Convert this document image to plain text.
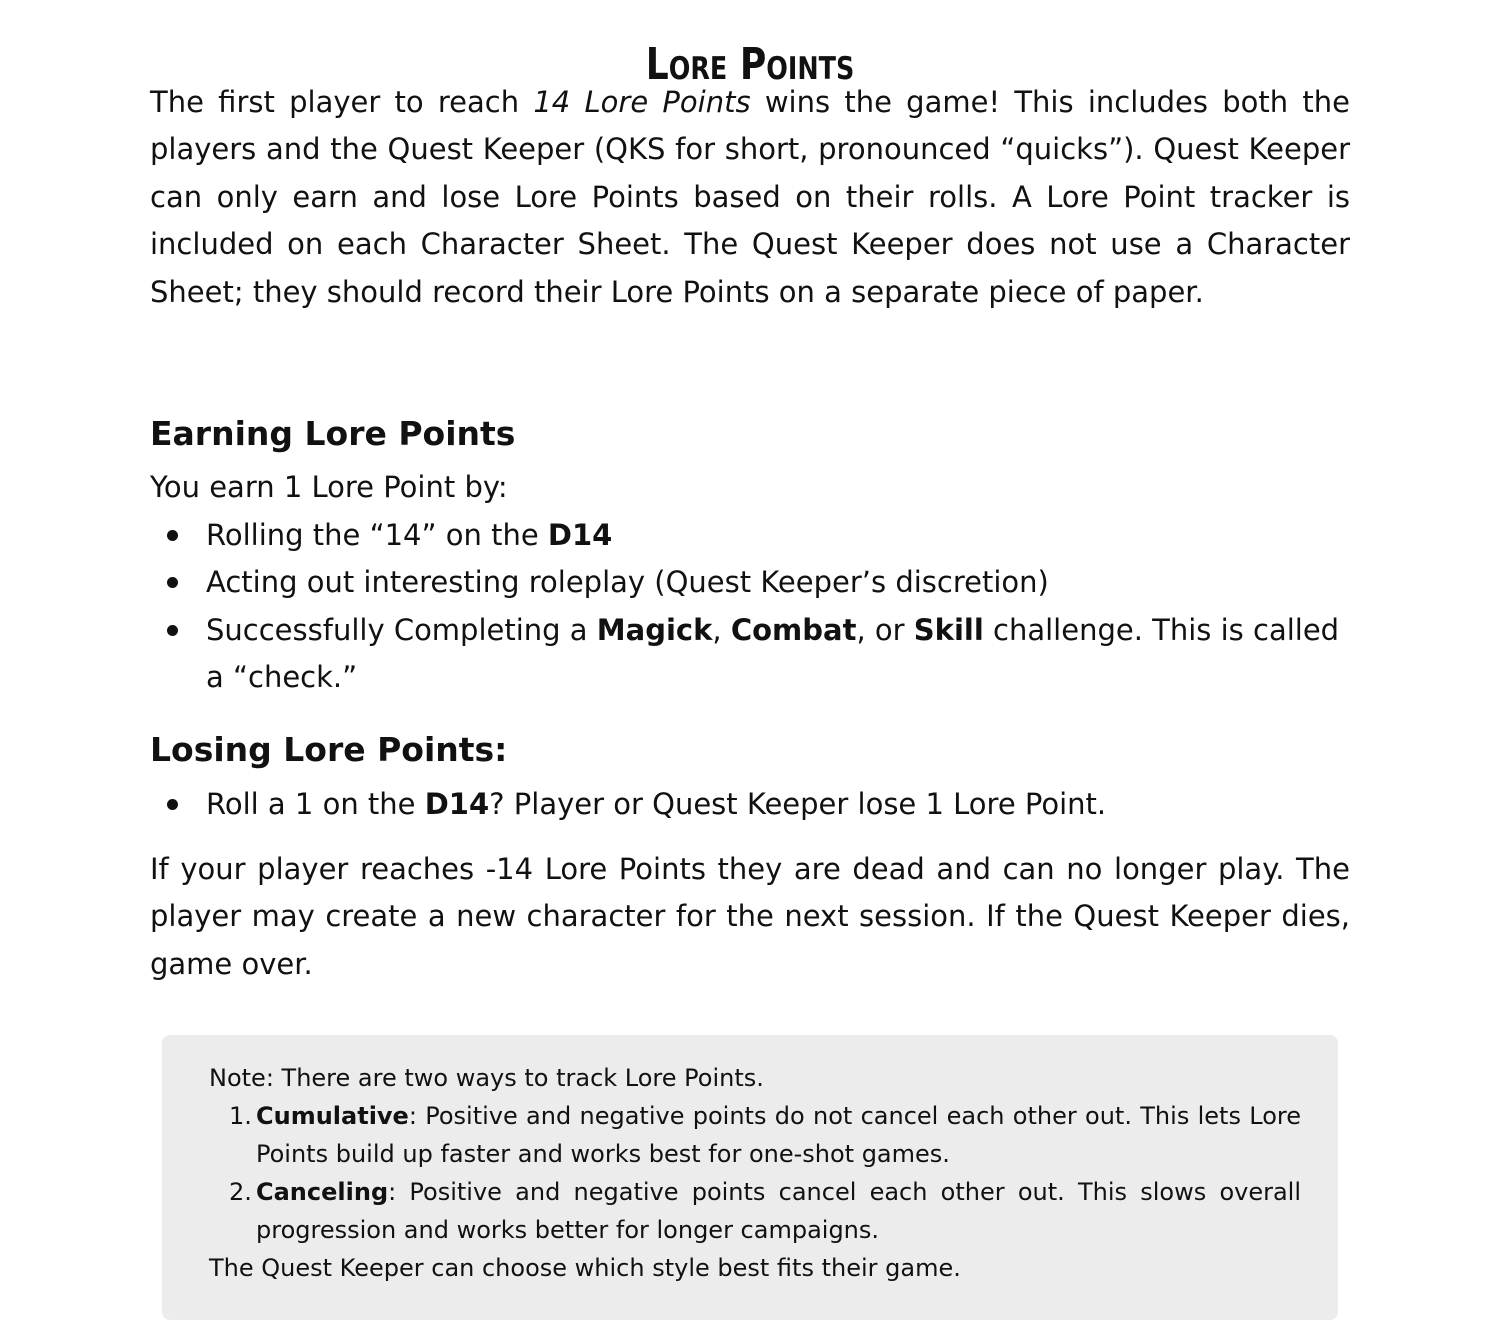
Lore Points

The first player to reach 14 Lore Points wins the game! This includes both the players and the Quest Keeper (QKS for short, pronounced “quicks”). Quest Keeper can only earn and lose Lore Points based on their rolls. A Lore Point tracker is included on each Character Sheet. The Quest Keeper does not use a Character Sheet; they should record their Lore Points on a separate piece of paper.

Earning Lore Points

You earn 1 Lore Point by:

Rolling the “14” on the D14
Acting out interesting roleplay (Quest Keeper’s discretion)
Successfully Completing a Magick, Combat, or Skill challenge. This is called a “check.”
Losing Lore Points:
Roll a 1 on the D14? Player or Quest Keeper lose 1 Lore Point.

If your player reaches -14 Lore Points they are dead and can no longer play. The player may create a new character for the next session. If the Quest Keeper dies, game over.

Note: There are two ways to track Lore Points.

1. Cumulative: Positive and negative points do not cancel each other out. This lets Lore Points build up faster and works best for one-shot games.
2. Canceling: Positive and negative points cancel each other out. This slows overall progression and works better for longer campaigns.

The Quest Keeper can choose which style best fits their game.
